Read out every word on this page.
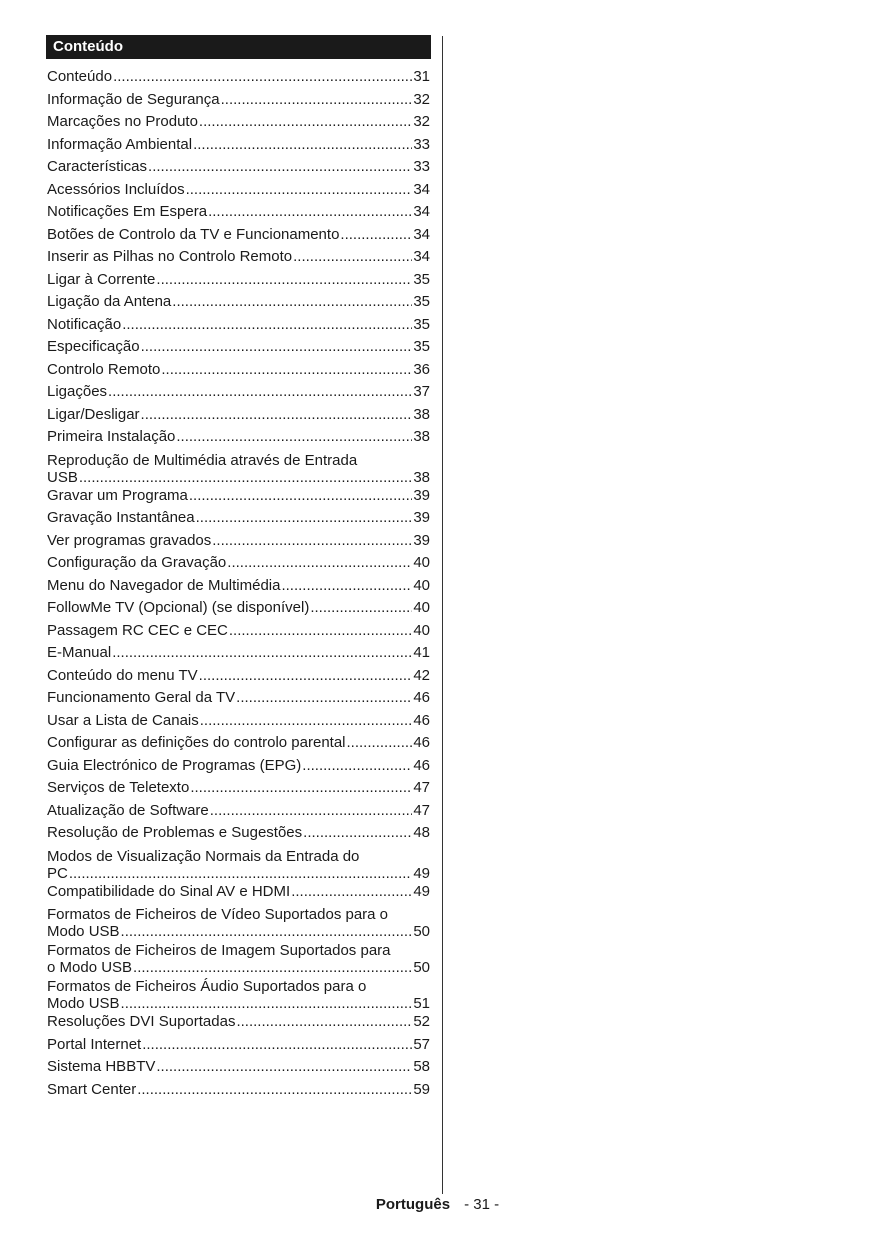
Conteúdo
Conteúdo .....	31
Informação de Segurança .....	32
Marcações no Produto .....	32
Informação Ambiental .....	33
Características .....	33
Acessórios Incluídos .....	34
Notificações Em Espera .....	34
Botões de Controlo da TV e Funcionamento .....	34
Inserir as Pilhas no Controlo Remoto .....	34
Ligar à Corrente .....	35
Ligação da Antena .....	35
Notificação .....	35
Especificação .....	35
Controlo Remoto .....	36
Ligações .....	37
Ligar/Desligar .....	38
Primeira Instalação .....	38
Reprodução de Multimédia através de Entrada
USB .....	38
Gravar um Programa .....	39
Gravação Instantânea .....	39
Ver programas gravados .....	39
Configuração da Gravação .....	40
Menu do Navegador de Multimédia .....	40
FollowMe TV (Opcional) (se disponível) .....	40
Passagem RC CEC e CEC .....	40
E-Manual .....	41
Conteúdo do menu TV .....	42
Funcionamento Geral da TV .....	46
Usar a Lista de Canais .....	46
Configurar as definições do controlo parental .....	46
Guia Electrónico de Programas (EPG) .....	46
Serviços de Teletexto .....	47
Atualização de Software .....	47
Resolução de Problemas e Sugestões .....	48
Modos de Visualização Normais da Entrada do
PC .....	49
Compatibilidade do Sinal AV e HDMI .....	49
Formatos de Ficheiros de Vídeo Suportados para o
Modo USB .....	50
Formatos de Ficheiros de Imagem Suportados para
o Modo USB .....	50
Formatos de Ficheiros Áudio Suportados para o
Modo USB .....	51
Resoluções DVI Suportadas .....	52
Portal Internet .....	57
Sistema HBBTV .....	58
Smart Center .....	59
Português - 31 -
